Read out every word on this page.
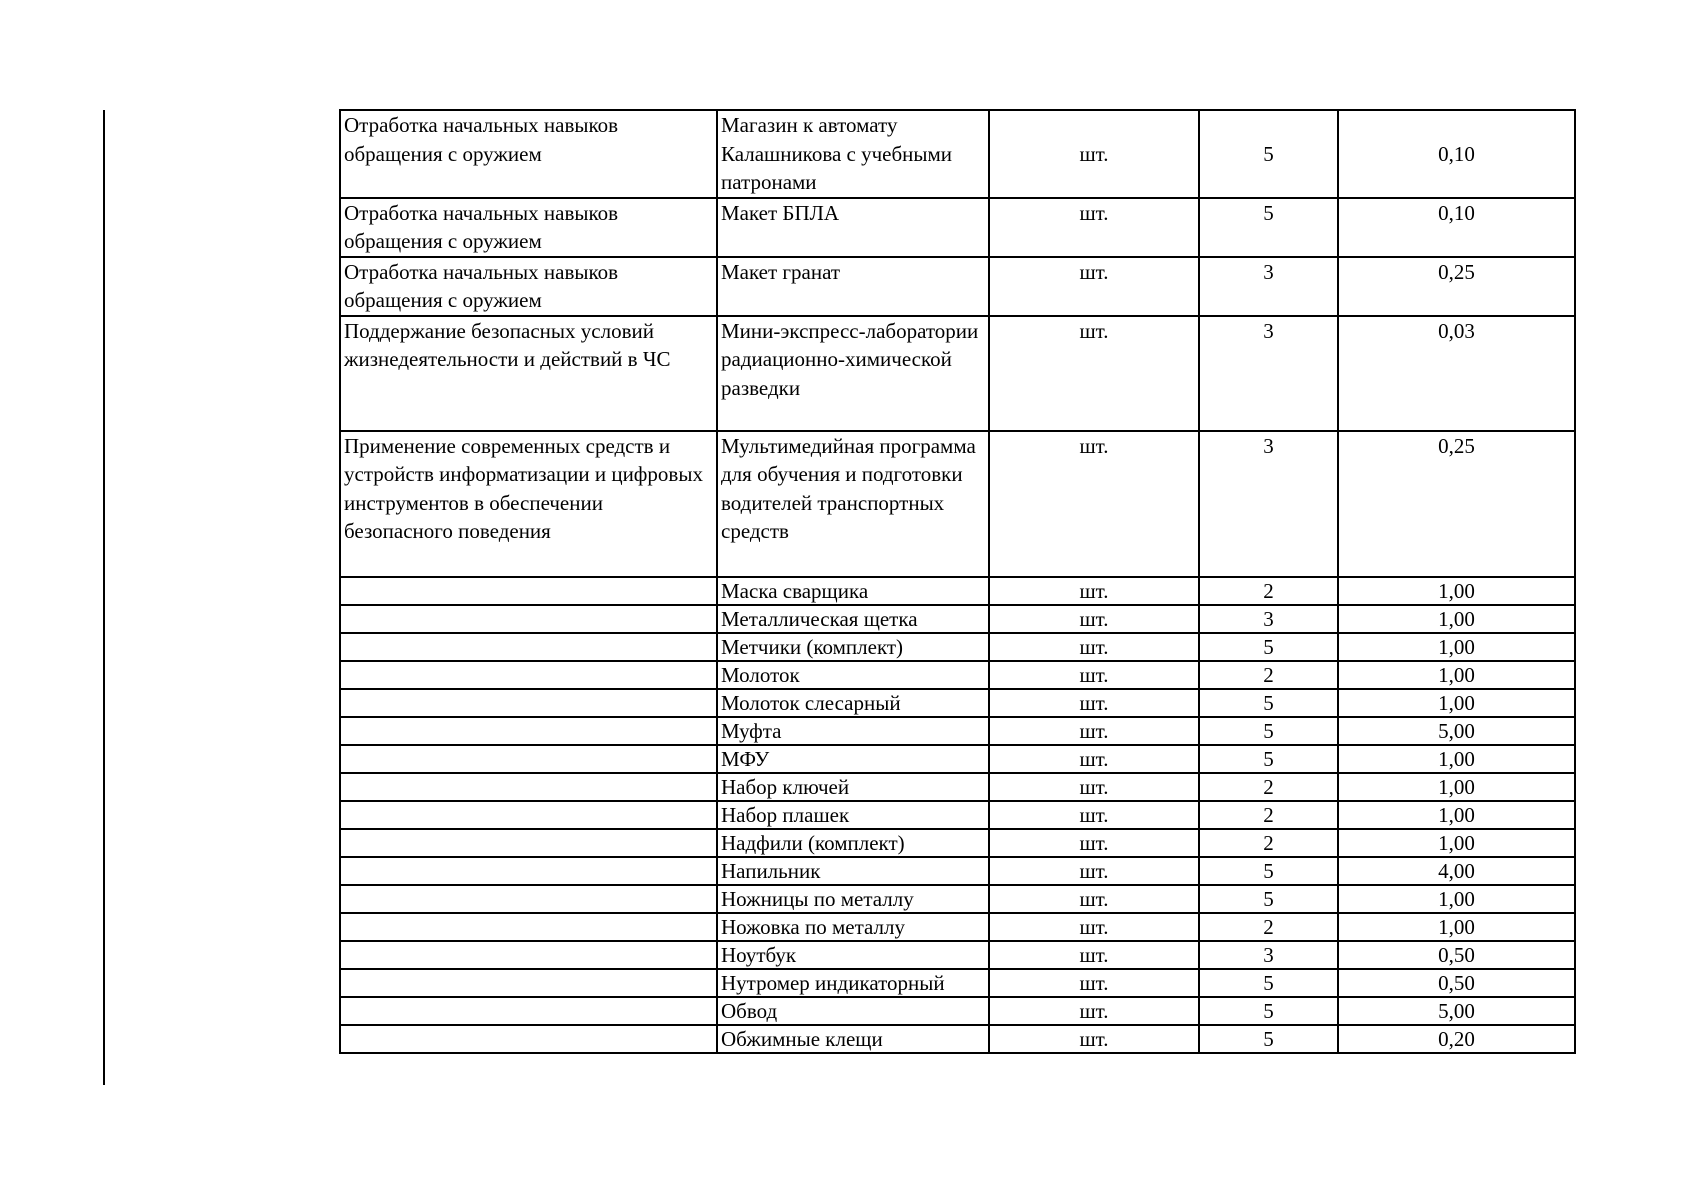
Отработка начальных навыков обращения с оружием	Магазин к автомату Калашникова с учебными патронами	шт.	5	0,10

Отработка начальных навыков обращения с оружием	Макет БПЛА	шт.	5	0,10
Отработка начальных навыков обращения с оружием	Макет гранат	шт.	3	0,25
Поддержание безопасных условий жизнедеятельности и действий в ЧС	Мини-экспресс-лаборатории радиационно-химической разведки	шт.	3	0,03
Применение современных средств и устройств информатизации и цифровых инструментов в обеспечении безопасного поведения	Мультимедийная программа для обучения и подготовки водителей транспортных средств	шт.	3	0,25
	Маска сварщика	шт.	2	1,00
	Металлическая щетка	шт.	3	1,00
	Метчики (комплект)	шт.	5	1,00
	Молоток	шт.	2	1,00
	Молоток слесарный	шт.	5	1,00
	Муфта	шт.	5	5,00
	МФУ	шт.	5	1,00
	Набор ключей	шт.	2	1,00
	Набор плашек	шт.	2	1,00
	Надфили (комплект)	шт.	2	1,00
	Напильник	шт.	5	4,00
	Ножницы по металлу	шт.	5	1,00
	Ножовка по металлу	шт.	2	1,00
	Ноутбук	шт.	3	0,50
	Нутромер индикаторный	шт.	5	0,50
	Обвод	шт.	5	5,00
	Обжимные клещи	шт.	5	0,20
